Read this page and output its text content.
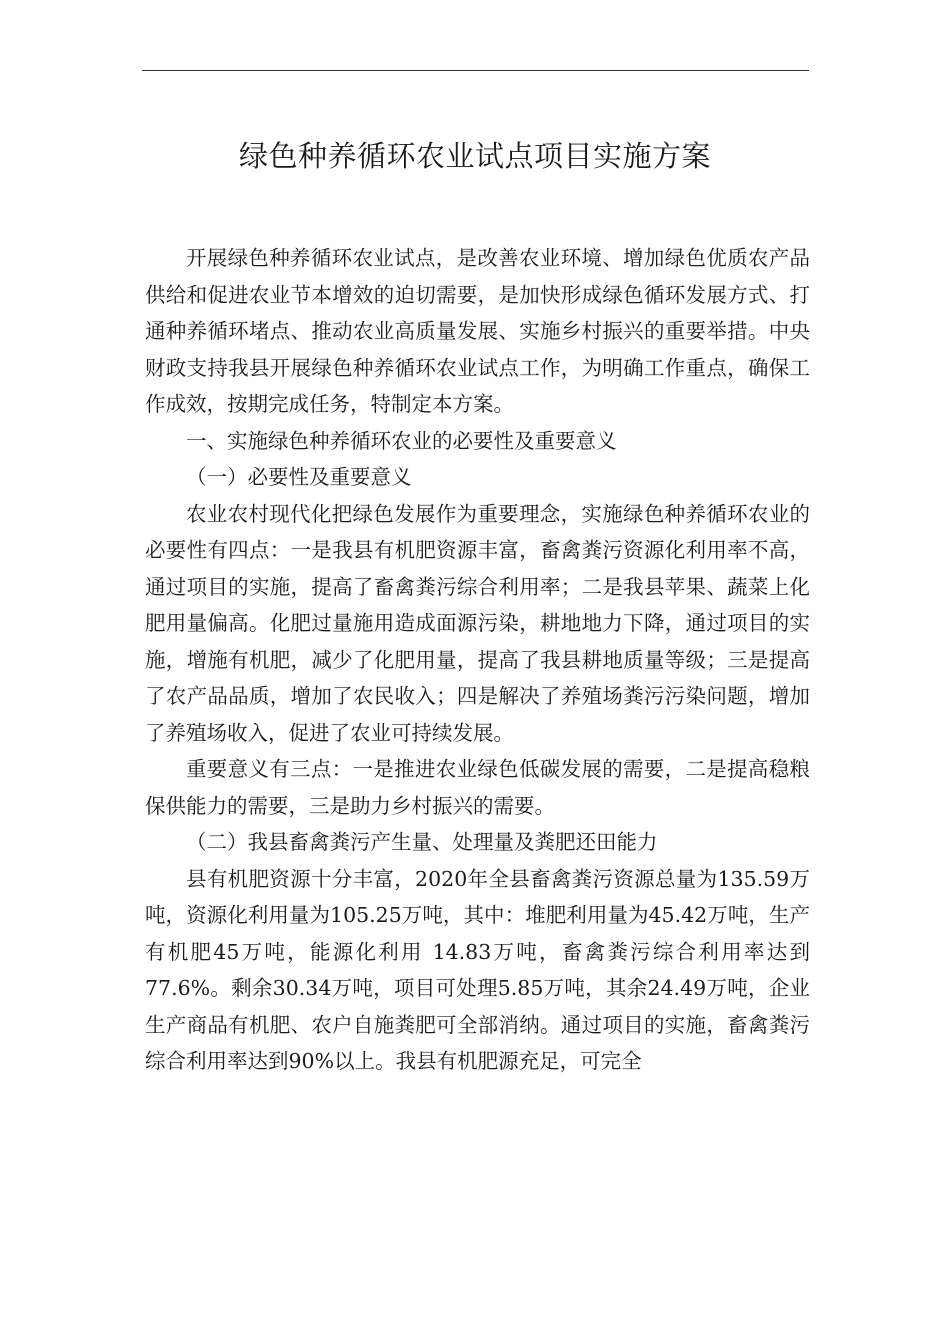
绿色种养循环农业试点项目实施方案

开展绿色种养循环农业试点，是改善农业环境、增加绿色优质农产品供给和促进农业节本增效的迫切需要，是加快形成绿色循环发展方式、打通种养循环堵点、推动农业高质量发展、实施乡村振兴的重要举措。中央财政支持我县开展绿色种养循环农业试点工作，为明确工作重点，确保工作成效，按期完成任务，特制定本方案。

一、实施绿色种养循环农业的必要性及重要意义

（一）必要性及重要意义

农业农村现代化把绿色发展作为重要理念，实施绿色种养循环农业的必要性有四点：一是我县有机肥资源丰富，畜禽粪污资源化利用率不高，通过项目的实施，提高了畜禽粪污综合利用率；二是我县苹果、蔬菜上化肥用量偏高。化肥过量施用造成面源污染，耕地地力下降，通过项目的实施，增施有机肥，减少了化肥用量，提高了我县耕地质量等级；三是提高了农产品品质，增加了农民收入；四是解决了养殖场粪污污染问题，增加了养殖场收入，促进了农业可持续发展。

重要意义有三点：一是推进农业绿色低碳发展的需要，二是提高稳粮保供能力的需要，三是助力乡村振兴的需要。

（二）我县畜禽粪污产生量、处理量及粪肥还田能力

县有机肥资源十分丰富，2020年全县畜禽粪污资源总量为135.59万吨，资源化利用量为105.25万吨，其中：堆肥利用量为45.42万吨，生产有机肥45万吨，能源化利用 14.83万吨，畜禽粪污综合利用率达到77.6%。剩余30.34万吨，项目可处理5.85万吨，其余24.49万吨，企业生产商品有机肥、农户自施粪肥可全部消纳。通过项目的实施，畜禽粪污综合利用率达到90%以上。我县有机肥源充足，可完全
